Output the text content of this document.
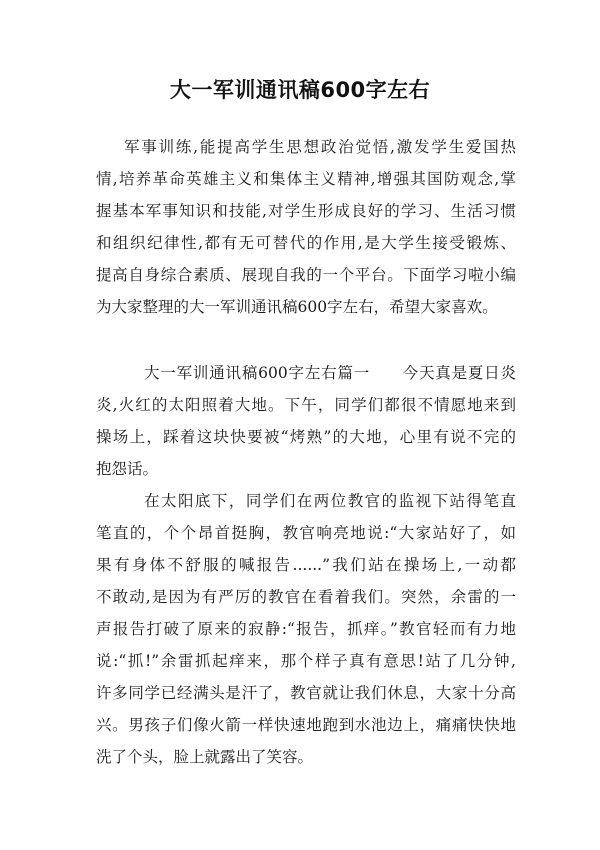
大一军训通讯稿600字左右
军事训练,能提高学生思想政治觉悟,激发学生爱国热
情,培养革命英雄主义和集体主义精神,增强其国防观念,掌
握基本军事知识和技能,对学生形成良好的学习、生活习惯
和组织纪律性,都有无可替代的作用,是大学生接受锻炼、
提高自身综合素质、展现自我的一个平台。下面学习啦小编
为大家整理的大一军训通讯稿600字左右，希望大家喜欢。
大一军训通讯稿600字左右篇一　　今天真是夏日炎
炎,火红的太阳照着大地。下午，同学们都很不情愿地来到
操场上，踩着这块快要被“烤熟”的大地，心里有说不完的
抱怨话。
在太阳底下，同学们在两位教官的监视下站得笔直
笔直的，个个昂首挺胸，教官响亮地说:“大家站好了，如
果有身体不舒服的喊报告......”我们站在操场上,一动都
不敢动,是因为有严厉的教官在看着我们。突然，余雷的一
声报告打破了原来的寂静:“报告，抓痒。”教官轻而有力地
说:“抓!”余雷抓起痒来，那个样子真有意思!站了几分钟,
许多同学已经满头是汗了，教官就让我们休息，大家十分高
兴。男孩子们像火箭一样快速地跑到水池边上，痛痛快快地
洗了个头，脸上就露出了笑容。
